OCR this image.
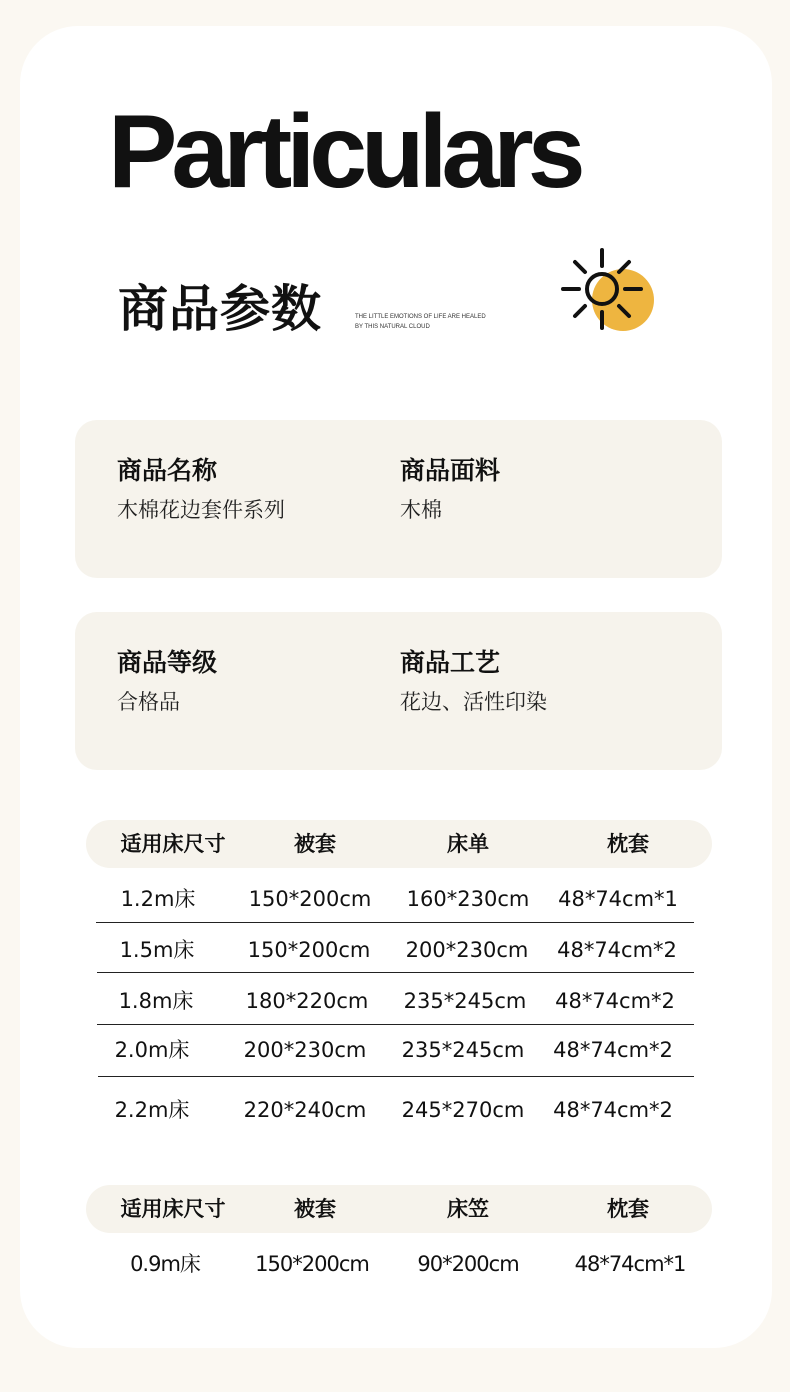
Particulars
商品参数	THE LITTLE EMOTIONS OF LIFE ARE HEALED
BY THIS NATURAL CLOUD
商品名称
木棉花边套件系列
商品面料
木棉
商品等级
合格品
商品工艺
花边、活性印染
适用床尺寸	被套	床单	枕套
1.2m床	150*200cm 160*230cm 48*74cm*1
1.5m床	150*200cm 200*230cm 48*74cm*2
1.8m床 180*220cm 235*245cm 48*74cm*2
2.0m床	200*230cm 235*245cm 48*74cm*2
2.2m床	220*240cm 245*270cm 48*74cm*2
适用床尺寸	被套	床笠	枕套
0.9m床	150*200cm 90*200cm	48*74cm*1
